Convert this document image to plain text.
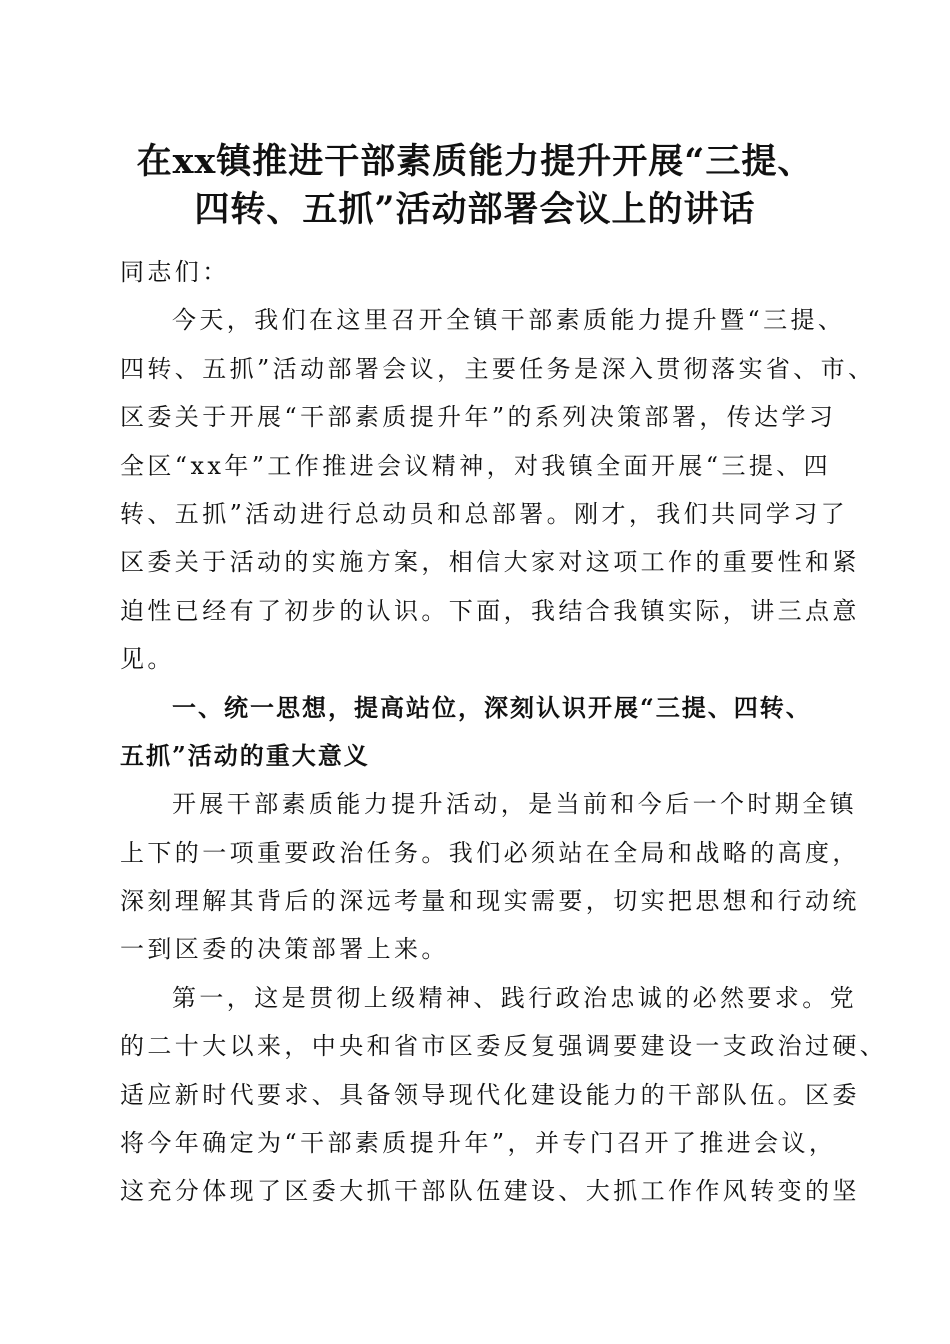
在xx镇推进干部素质能力提升开展“三提、
四转、五抓”活动部署会议上的讲话
同志们：
今天，我们在这里召开全镇干部素质能力提升暨“三提、
四转、五抓”活动部署会议，主要任务是深入贯彻落实省、市、
区委关于开展“干部素质提升年”的系列决策部署，传达学习
全区“xx年”工作推进会议精神，对我镇全面开展“三提、四
转、五抓”活动进行总动员和总部署。刚才，我们共同学习了
区委关于活动的实施方案，相信大家对这项工作的重要性和紧
迫性已经有了初步的认识。下面，我结合我镇实际，讲三点意
见。
一、统一思想，提高站位，深刻认识开展“三提、四转、
五抓”活动的重大意义
开展干部素质能力提升活动，是当前和今后一个时期全镇
上下的一项重要政治任务。我们必须站在全局和战略的高度，
深刻理解其背后的深远考量和现实需要，切实把思想和行动统
一到区委的决策部署上来。
第一，这是贯彻上级精神、践行政治忠诚的必然要求。党
的二十大以来，中央和省市区委反复强调要建设一支政治过硬、
适应新时代要求、具备领导现代化建设能力的干部队伍。区委
将今年确定为“干部素质提升年”，并专门召开了推进会议，
这充分体现了区委大抓干部队伍建设、大抓工作作风转变的坚
